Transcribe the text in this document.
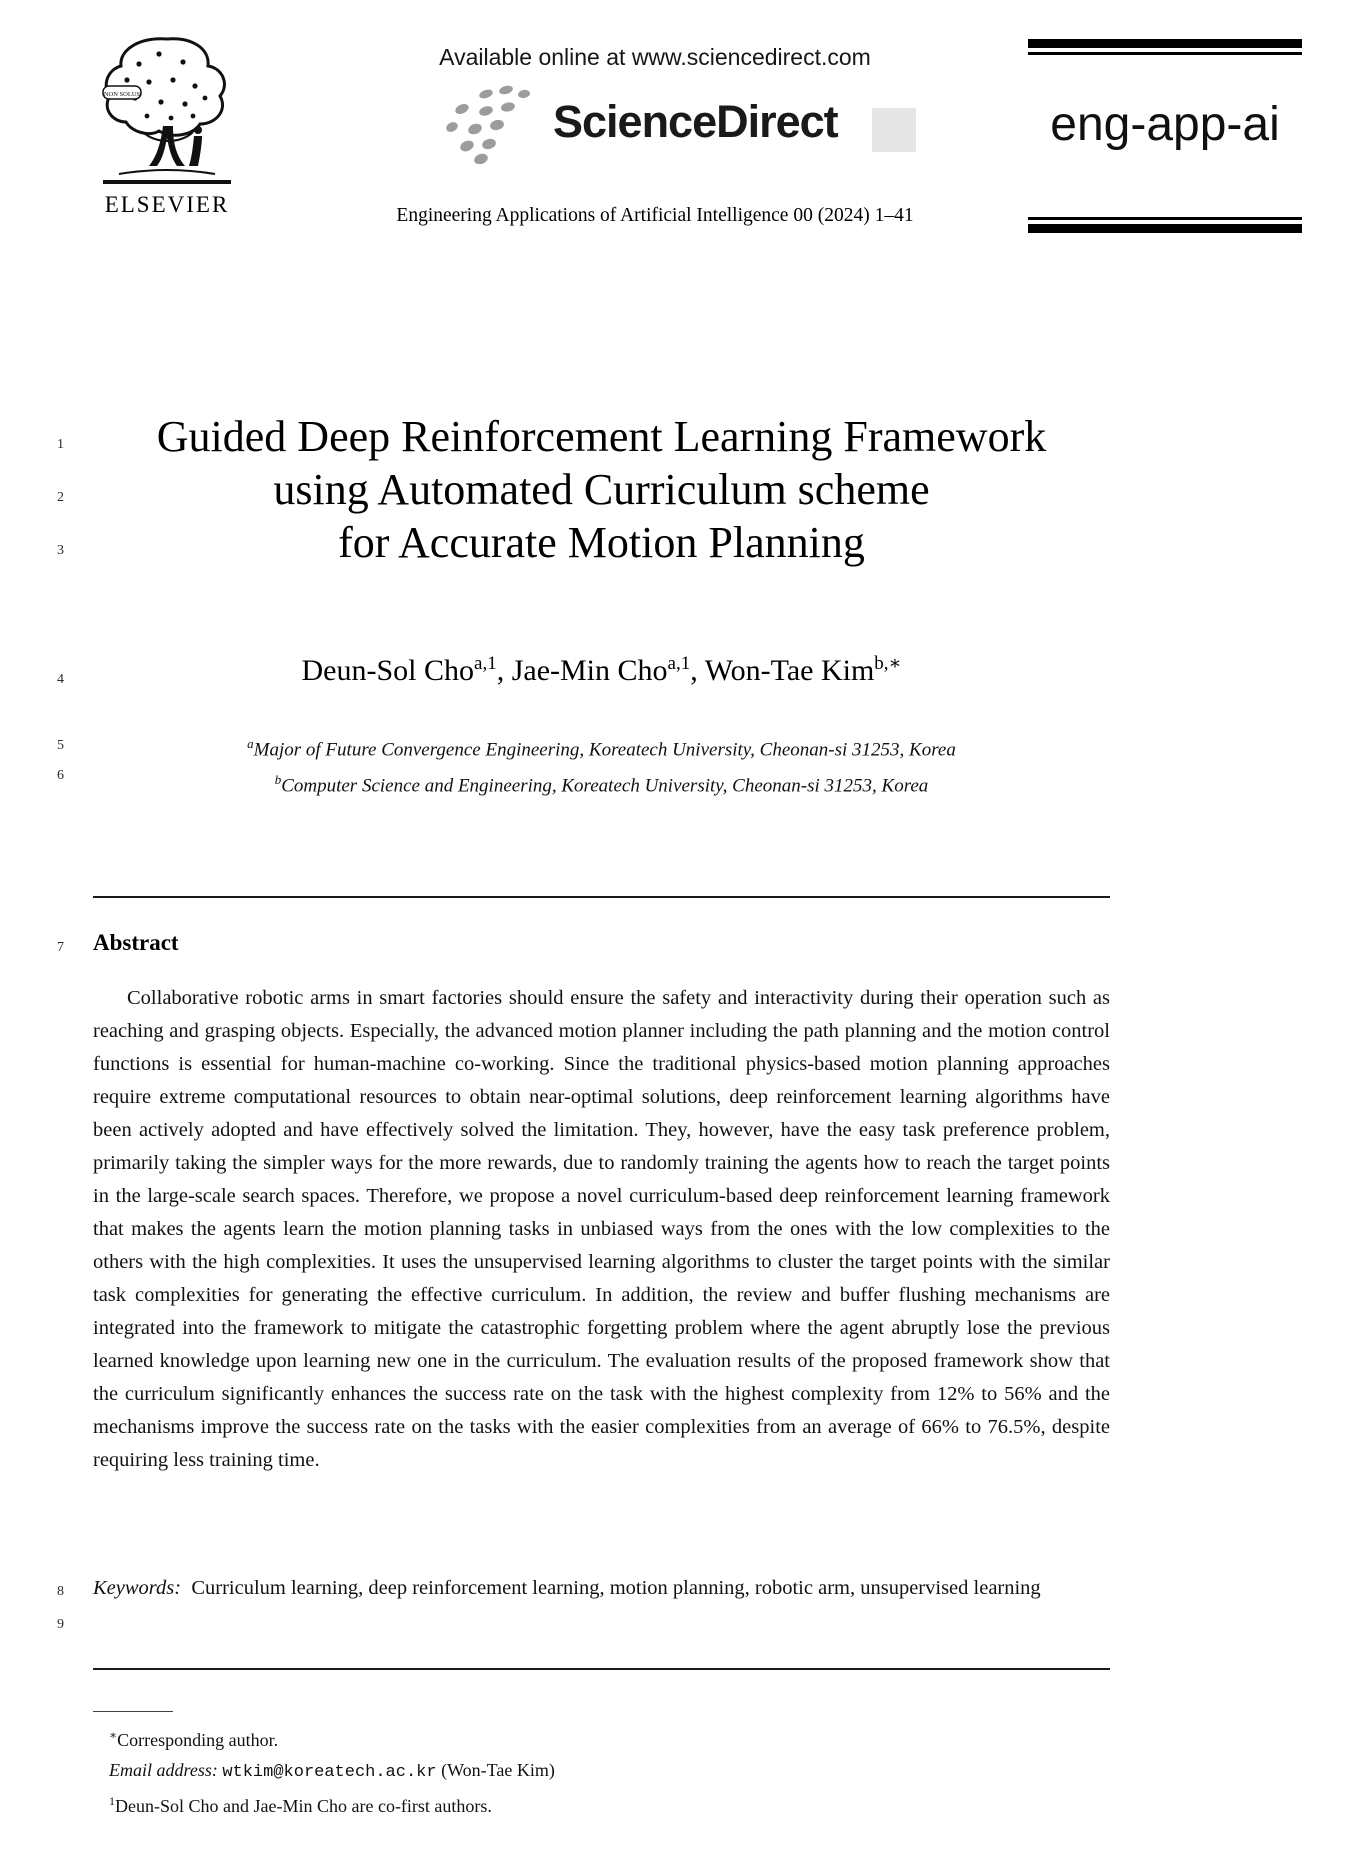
NON SOLUS
ELSEVIER
Available online at www.sciencedirect.com
ScienceDirect
Engineering Applications of Artificial Intelligence 00 (2024) 1–41
eng-app-ai
1
2
3
4
5
6
7
8
9
Guided Deep Reinforcement Learning Framework
using Automated Curriculum scheme
for Accurate Motion Planning
Deun-Sol Cho$^{a,1}$, Jae-Min Cho$^{a,1}$, Won-Tae Kim$^{b,∗}$
$^a$Major of Future Convergence Engineering, Koreatech University, Cheonan-si 31253, Korea
$^b$Computer Science and Engineering, Koreatech University, Cheonan-si 31253, Korea
Abstract

Collaborative robotic arms in smart factories should ensure the safety and interactivity during their operation such as reaching and grasping objects. Especially, the advanced motion planner including the path planning and the motion control functions is essential for human-machine co-working. Since the traditional physics-based motion planning approaches require extreme computational resources to obtain near-optimal solutions, deep reinforcement learning algorithms have been actively adopted and have effectively solved the limitation. They, however, have the easy task preference problem, primarily taking the simpler ways for the more rewards, due to randomly training the agents how to reach the target points in the large-scale search spaces. Therefore, we propose a novel curriculum-based deep reinforcement learning framework that makes the agents learn the motion planning tasks in unbiased ways from the ones with the low complexities to the others with the high complexities. It uses the unsupervised learning algorithms to cluster the target points with the similar task complexities for generating the effective curriculum. In addition, the review and buffer flushing mechanisms are integrated into the framework to mitigate the catastrophic forgetting problem where the agent abruptly lose the previous learned knowledge upon learning new one in the curriculum. The evaluation results of the proposed framework show that the curriculum significantly enhances the success rate on the task with the highest complexity from 12% to 56% and the mechanisms improve the success rate on the tasks with the easier complexities from an average of 66% to 76.5%, despite requiring less training time.

Keywords: Curriculum learning, deep reinforcement learning, motion planning, robotic arm, unsupervised learning

∗Corresponding author.

Email address: wtkim@koreatech.ac.kr (Won-Tae Kim)

$^1$Deun-Sol Cho and Jae-Min Cho are co-first authors.
